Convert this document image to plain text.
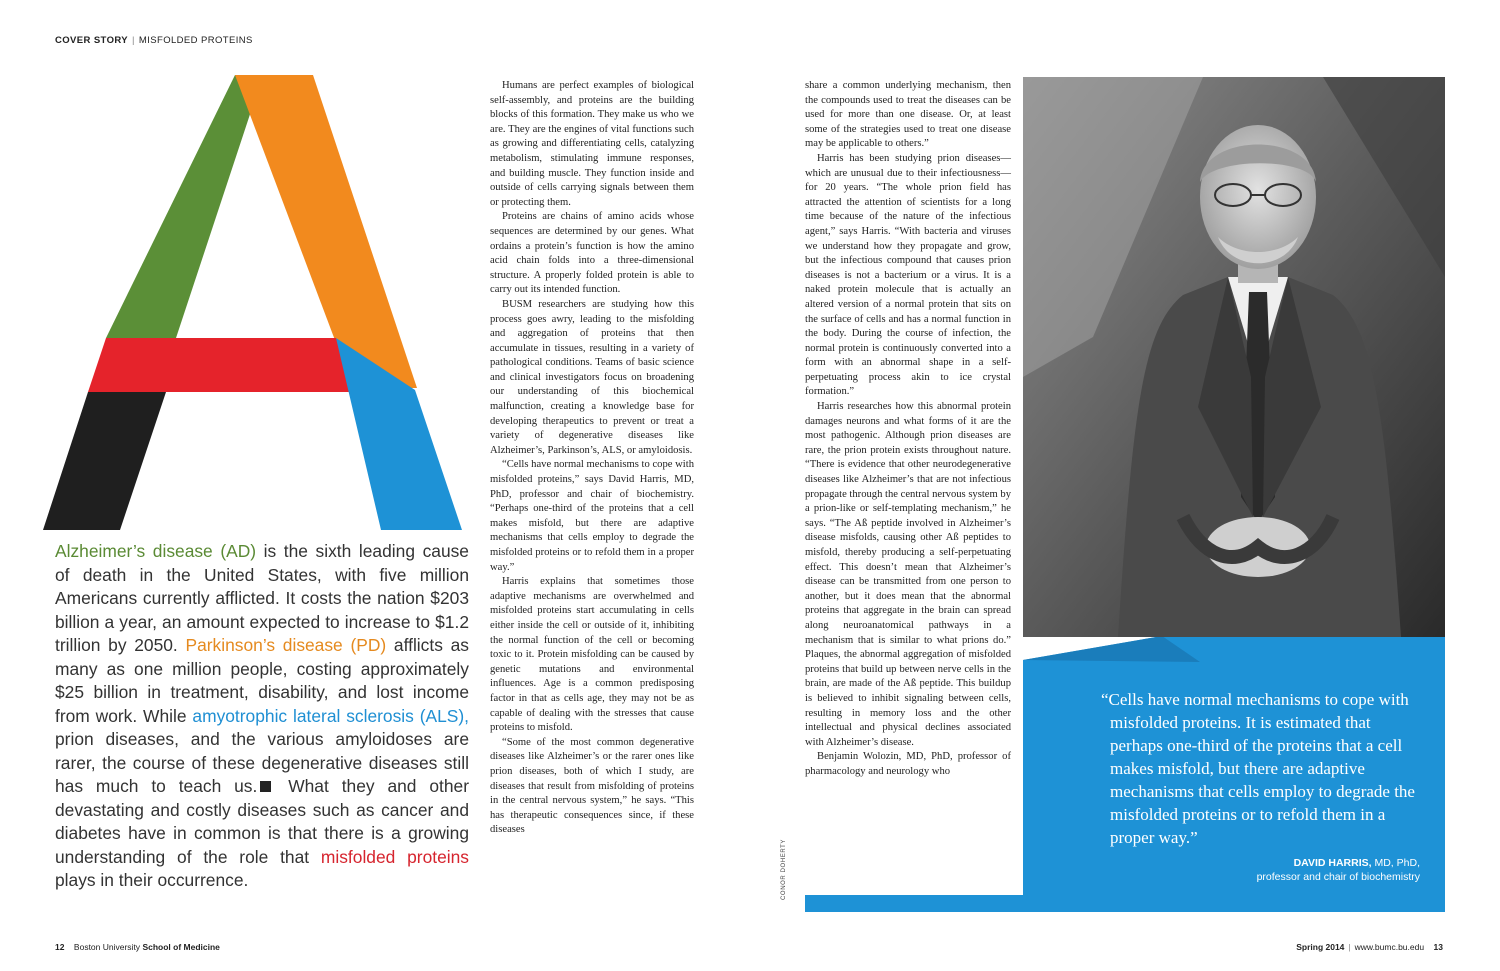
COVER STORY | MISFOLDED PROTEINS
Alzheimer’s disease (AD) is the sixth leading cause of death in the United States, with five million Americans currently afflicted. It costs the nation $203 billion a year, an amount expected to increase to $1.2 trillion by 2050. Parkinson’s disease (PD) afflicts as many as one million people, costing approximately $25 billion in treatment, disability, and lost income from work. While amyotrophic lateral sclerosis (ALS), prion diseases, and the various amyloidoses are rarer, the course of these degenerative diseases still has much to teach us. What they and other devastating and costly diseases such as cancer and diabetes have in common is that there is a growing understanding of the role that misfolded proteins plays in their occurrence.

Humans are perfect examples of biological self-assembly, and proteins are the building blocks of this formation. They make us who we are. They are the engines of vital functions such as growing and differentiating cells, catalyzing metabolism, stimulating immune responses, and building muscle. They function inside and outside of cells carrying signals between them or protecting them.

Proteins are chains of amino acids whose sequences are determined by our genes. What ordains a protein’s function is how the amino acid chain folds into a three-dimensional structure. A properly folded protein is able to carry out its intended function.

BUSM researchers are studying how this process goes awry, leading to the misfolding and aggregation of proteins that then accumulate in tissues, resulting in a variety of pathological conditions. Teams of basic science and clinical investigators focus on broadening our understanding of this biochemical malfunction, creating a knowledge base for developing therapeutics to prevent or treat a variety of degenerative diseases like Alzheimer’s, Parkinson’s, ALS, or amyloidosis.

“Cells have normal mechanisms to cope with misfolded proteins,” says David Harris, MD, PhD, professor and chair of biochemistry. “Perhaps one-third of the proteins that a cell makes misfold, but there are adaptive mechanisms that cells employ to degrade the misfolded proteins or to refold them in a proper way.”

Harris explains that sometimes those adaptive mechanisms are overwhelmed and misfolded proteins start accumulating in cells either inside the cell or outside of it, inhibiting the normal function of the cell or becoming toxic to it. Protein misfolding can be caused by genetic mutations and environmental influences. Age is a common predisposing factor in that as cells age, they may not be as capable of dealing with the stresses that cause proteins to misfold.

“Some of the most common degenerative diseases like Alzheimer’s or the rarer ones like prion diseases, both of which I study, are diseases that result from misfolding of proteins in the central nervous system,” he says. “This has therapeutic consequences since, if these diseases

share a common underlying mechanism, then the compounds used to treat the diseases can be used for more than one disease. Or, at least some of the strategies used to treat one disease may be applicable to others.”

Harris has been studying prion diseases—which are unusual due to their infectiousness—for 20 years. “The whole prion field has attracted the attention of scientists for a long time because of the nature of the infectious agent,” says Harris. “With bacteria and viruses we understand how they propagate and grow, but the infectious compound that causes prion diseases is not a bacterium or a virus. It is a naked protein molecule that is actually an altered version of a normal protein that sits on the surface of cells and has a normal function in the body. During the course of infection, the normal protein is continuously converted into a form with an abnormal shape in a self-perpetuating process akin to ice crystal formation.”

Harris researches how this abnormal protein damages neurons and what forms of it are the most pathogenic. Although prion diseases are rare, the prion protein exists throughout nature. “There is evidence that other neurodegenerative diseases like Alzheimer’s that are not infectious propagate through the central nervous system by a prion-like or self-templating mechanism,” he says. “The Aß peptide involved in Alzheimer’s disease misfolds, causing other Aß peptides to misfold, thereby producing a self-perpetuating effect. This doesn’t mean that Alzheimer’s disease can be transmitted from one person to another, but it does mean that the abnormal proteins that aggregate in the brain can spread along neuroanatomical pathways in a mechanism that is similar to what prions do.” Plaques, the abnormal aggregation of misfolded proteins that build up between nerve cells in the brain, are made of the Aß peptide. This buildup is believed to inhibit signaling between cells, resulting in memory loss and the other intellectual and physical declines associated with Alzheimer’s disease.

Benjamin Wolozin, MD, PhD, professor of pharmacology and neurology who

CONOR DOHERTY
“Cells have normal mechanisms to cope with misfolded proteins. It is estimated that perhaps one-third of the proteins that a cell makes misfold, but there are adaptive mechanisms that cells employ to degrade the misfolded proteins or to refold them in a proper way.”
DAVID HARRIS, MD, PhD,
professor and chair of biochemistry
12 Boston University School of Medicine	Spring 2014 | www.bumc.bu.edu 13
